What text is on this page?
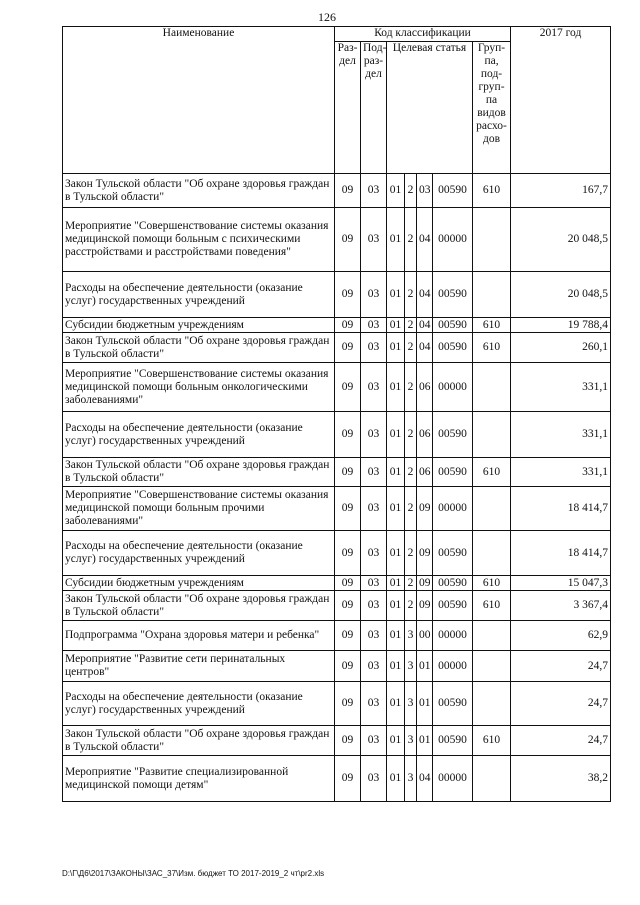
126
Наименование	Код классификации							2017 год
	Раз-дел	Под-раз-дел	Целевая статья				Груп-па, под-груп-па видов расхо-дов	
Закон Тульской области "Об охране здоровья граждан в Тульской области"	09	03	01	2	03	00590	610	167,7
Мероприятие "Совершенствование системы оказания медицинской помощи больным с психическими расстройствами и расстройствами поведения"	09	03	01	2	04	00000		20 048,5
Расходы на обеспечение деятельности (оказание услуг) государственных учреждений	09	03	01	2	04	00590		20 048,5
Субсидии бюджетным учреждениям	09	03	01	2	04	00590	610	19 788,4
Закон Тульской области "Об охране здоровья граждан в Тульской области"	09	03	01	2	04	00590	610	260,1
Мероприятие "Совершенствование системы оказания медицинской помощи больным онкологическими заболеваниями"	09	03	01	2	06	00000		331,1
Расходы на обеспечение деятельности (оказание услуг) государственных учреждений	09	03	01	2	06	00590		331,1
Закон Тульской области "Об охране здоровья граждан в Тульской области"	09	03	01	2	06	00590	610	331,1
Мероприятие "Совершенствование системы оказания медицинской помощи больным прочими заболеваниями"	09	03	01	2	09	00000		18 414,7
Расходы на обеспечение деятельности (оказание услуг) государственных учреждений	09	03	01	2	09	00590		18 414,7
Субсидии бюджетным учреждениям	09	03	01	2	09	00590	610	15 047,3
Закон Тульской области "Об охране здоровья граждан в Тульской области"	09	03	01	2	09	00590	610	3 367,4
Подпрограмма "Охрана здоровья матери и ребенка"	09	03	01	3	00	00000		62,9
Мероприятие "Развитие сети перинатальных центров"	09	03	01	3	01	00000		24,7
Расходы на обеспечение деятельности (оказание услуг) государственных учреждений	09	03	01	3	01	00590		24,7
Закон Тульской области "Об охране здоровья граждан в Тульской области"	09	03	01	3	01	00590	610	24,7
Мероприятие "Развитие специализированной медицинской помощи детям"	09	03	01	3	04	00000		38,2
D:\Г\Д6\2017\ЗАКОНЫ\ЗАС_37\Изм. бюджет ТО 2017-2019_2 чт\pr2.xls
